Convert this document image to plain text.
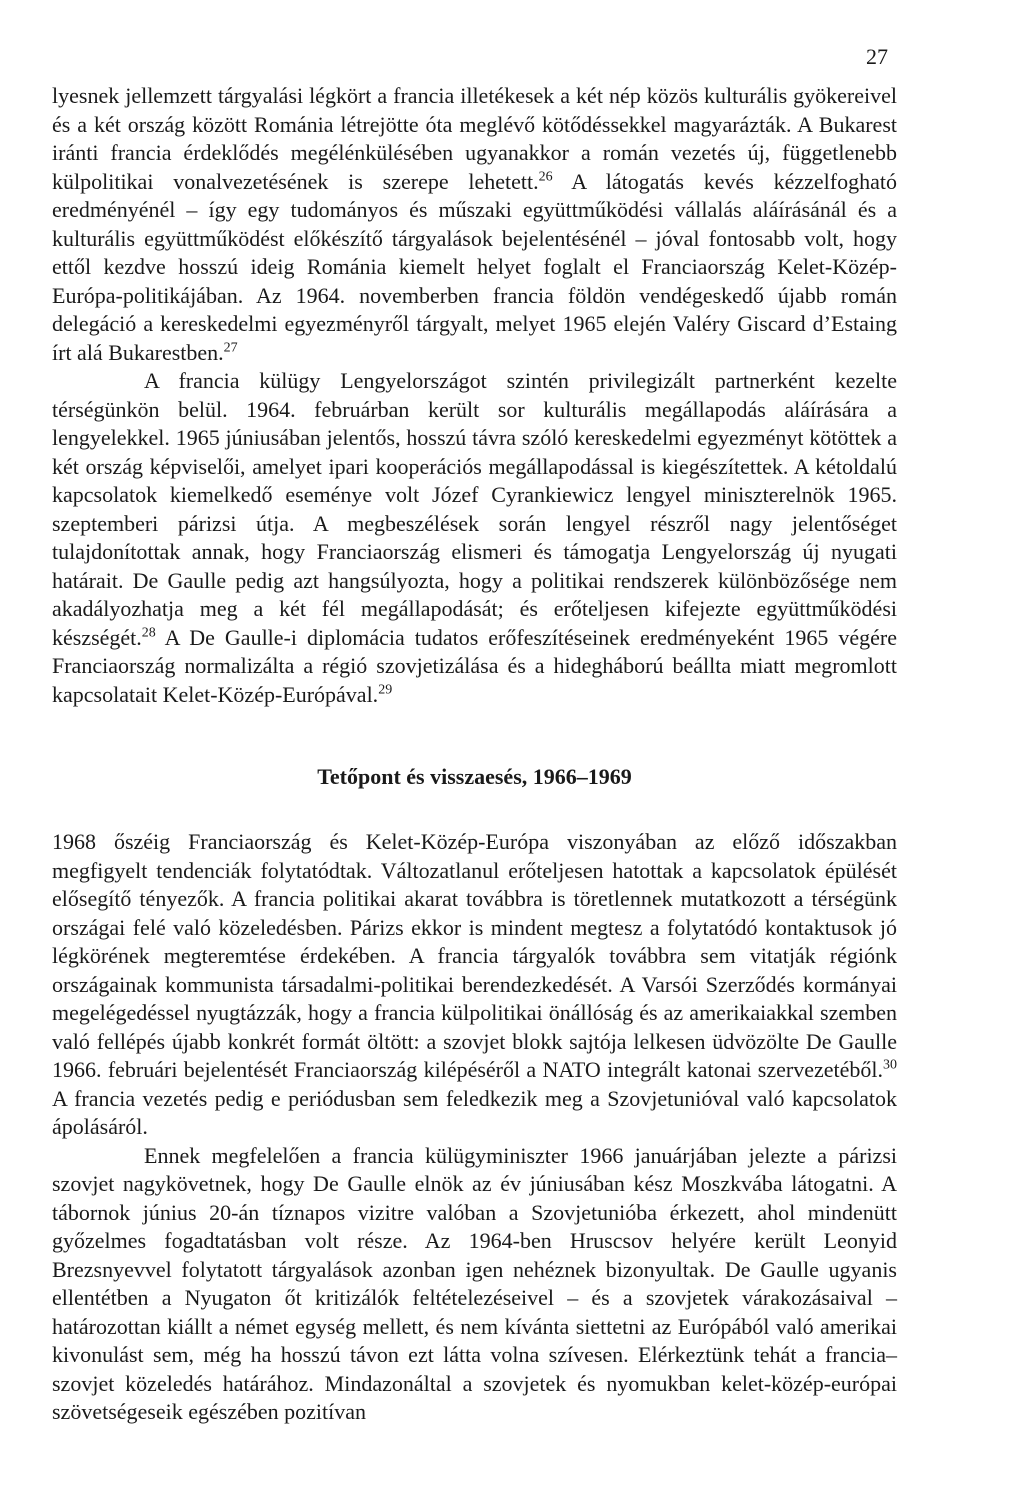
27

lyesnek jellemzett tárgyalási légkört a francia illetékesek a két nép közös kulturális gyökereivel és a két ország között Románia létrejötte óta meglévő kötődéssekkel magyarázták. A Bukarest iránti francia érdeklődés megélénkülésében ugyanakkor a román vezetés új, függetlenebb külpolitikai vonalvezetésének is szerepe lehetett.$^{26}$ A látogatás kevés kézzelfogható eredményénél – így egy tudományos és műszaki együttműködési vállalás aláírásánál és a kulturális együttműködést előkészítő tárgyalások bejelentésénél – jóval fontosabb volt, hogy ettől kezdve hosszú ideig Románia kiemelt helyet foglalt el Franciaország Kelet-Közép-Európa-politikájában. Az 1964. novemberben francia földön vendégeskedő újabb román delegáció a kereskedelmi egyezményről tárgyalt, melyet 1965 elején Valéry Giscard d’Estaing írt alá Bukarestben.$^{27}$

A francia külügy Lengyelországot szintén privilegizált partnerként kezelte térségünkön belül. 1964. februárban került sor kulturális megállapodás aláírására a lengyelekkel. 1965 júniusában jelentős, hosszú távra szóló kereskedelmi egyezményt kötöttek a két ország képviselői, amelyet ipari kooperációs megállapodással is kiegészítettek. A kétoldalú kapcsolatok kiemelkedő eseménye volt Józef Cyrankiewicz lengyel miniszterelnök 1965. szeptemberi párizsi útja. A megbeszélések során lengyel részről nagy jelentőséget tulajdonítottak annak, hogy Franciaország elismeri és támogatja Lengyelország új nyugati határait. De Gaulle pedig azt hangsúlyozta, hogy a politikai rendszerek különbözősége nem akadályozhatja meg a két fél megállapodását; és erőteljesen kifejezte együttműködési készségét.$^{28}$ A De Gaulle-i diplomácia tudatos erőfeszítéseinek eredményeként 1965 végére Franciaország normalizálta a régió szovjetizálása és a hidegháború beállta miatt megromlott kapcsolatait Kelet-Közép-Európával.$^{29}$

Tetőpont és visszaesés, 1966–1969

1968 őszéig Franciaország és Kelet-Közép-Európa viszonyában az előző időszakban megfigyelt tendenciák folytatódtak. Változatlanul erőteljesen hatottak a kapcsolatok épülését elősegítő tényezők. A francia politikai akarat továbbra is töretlennek mutatkozott a térségünk országai felé való közeledésben. Párizs ekkor is mindent megtesz a folytatódó kontaktusok jó légkörének megteremtése érdekében. A francia tárgyalók továbbra sem vitatják régiónk országainak kommunista társadalmi-politikai berendezkedését. A Varsói Szerződés kormányai megelégedéssel nyugtázzák, hogy a francia külpolitikai önállóság és az amerikaiakkal szemben való fellépés újabb konkrét formát öltött: a szovjet blokk sajtója lelkesen üdvözölte De Gaulle 1966. februári bejelentését Franciaország kilépéséről a NATO integrált katonai szervezetéből.$^{30}$ A francia vezetés pedig e periódusban sem feledkezik meg a Szovjetunióval való kapcsolatok ápolásáról.

Ennek megfelelően a francia külügyminiszter 1966 januárjában jelezte a párizsi szovjet nagykövetnek, hogy De Gaulle elnök az év júniusában kész Moszkvába látogatni. A tábornok június 20-án tíznapos vizitre valóban a Szovjetunióba érkezett, ahol mindenütt győzelmes fogadtatásban volt része. Az 1964-ben Hruscsov helyére került Leonyid Brezsnyevvel folytatott tárgyalások azonban igen nehéznek bizonyultak. De Gaulle ugyanis ellentétben a Nyugaton őt kritizálók feltételezéseivel – és a szovjetek várakozásaival – határozottan kiállt a német egység mellett, és nem kívánta siettetni az Európából való amerikai kivonulást sem, még ha hosszú távon ezt látta volna szívesen. Elérkeztünk tehát a francia–szovjet közeledés határához. Mindazonáltal a szovjetek és nyomukban kelet-közép-európai szövetségeseik egészében pozitívan
